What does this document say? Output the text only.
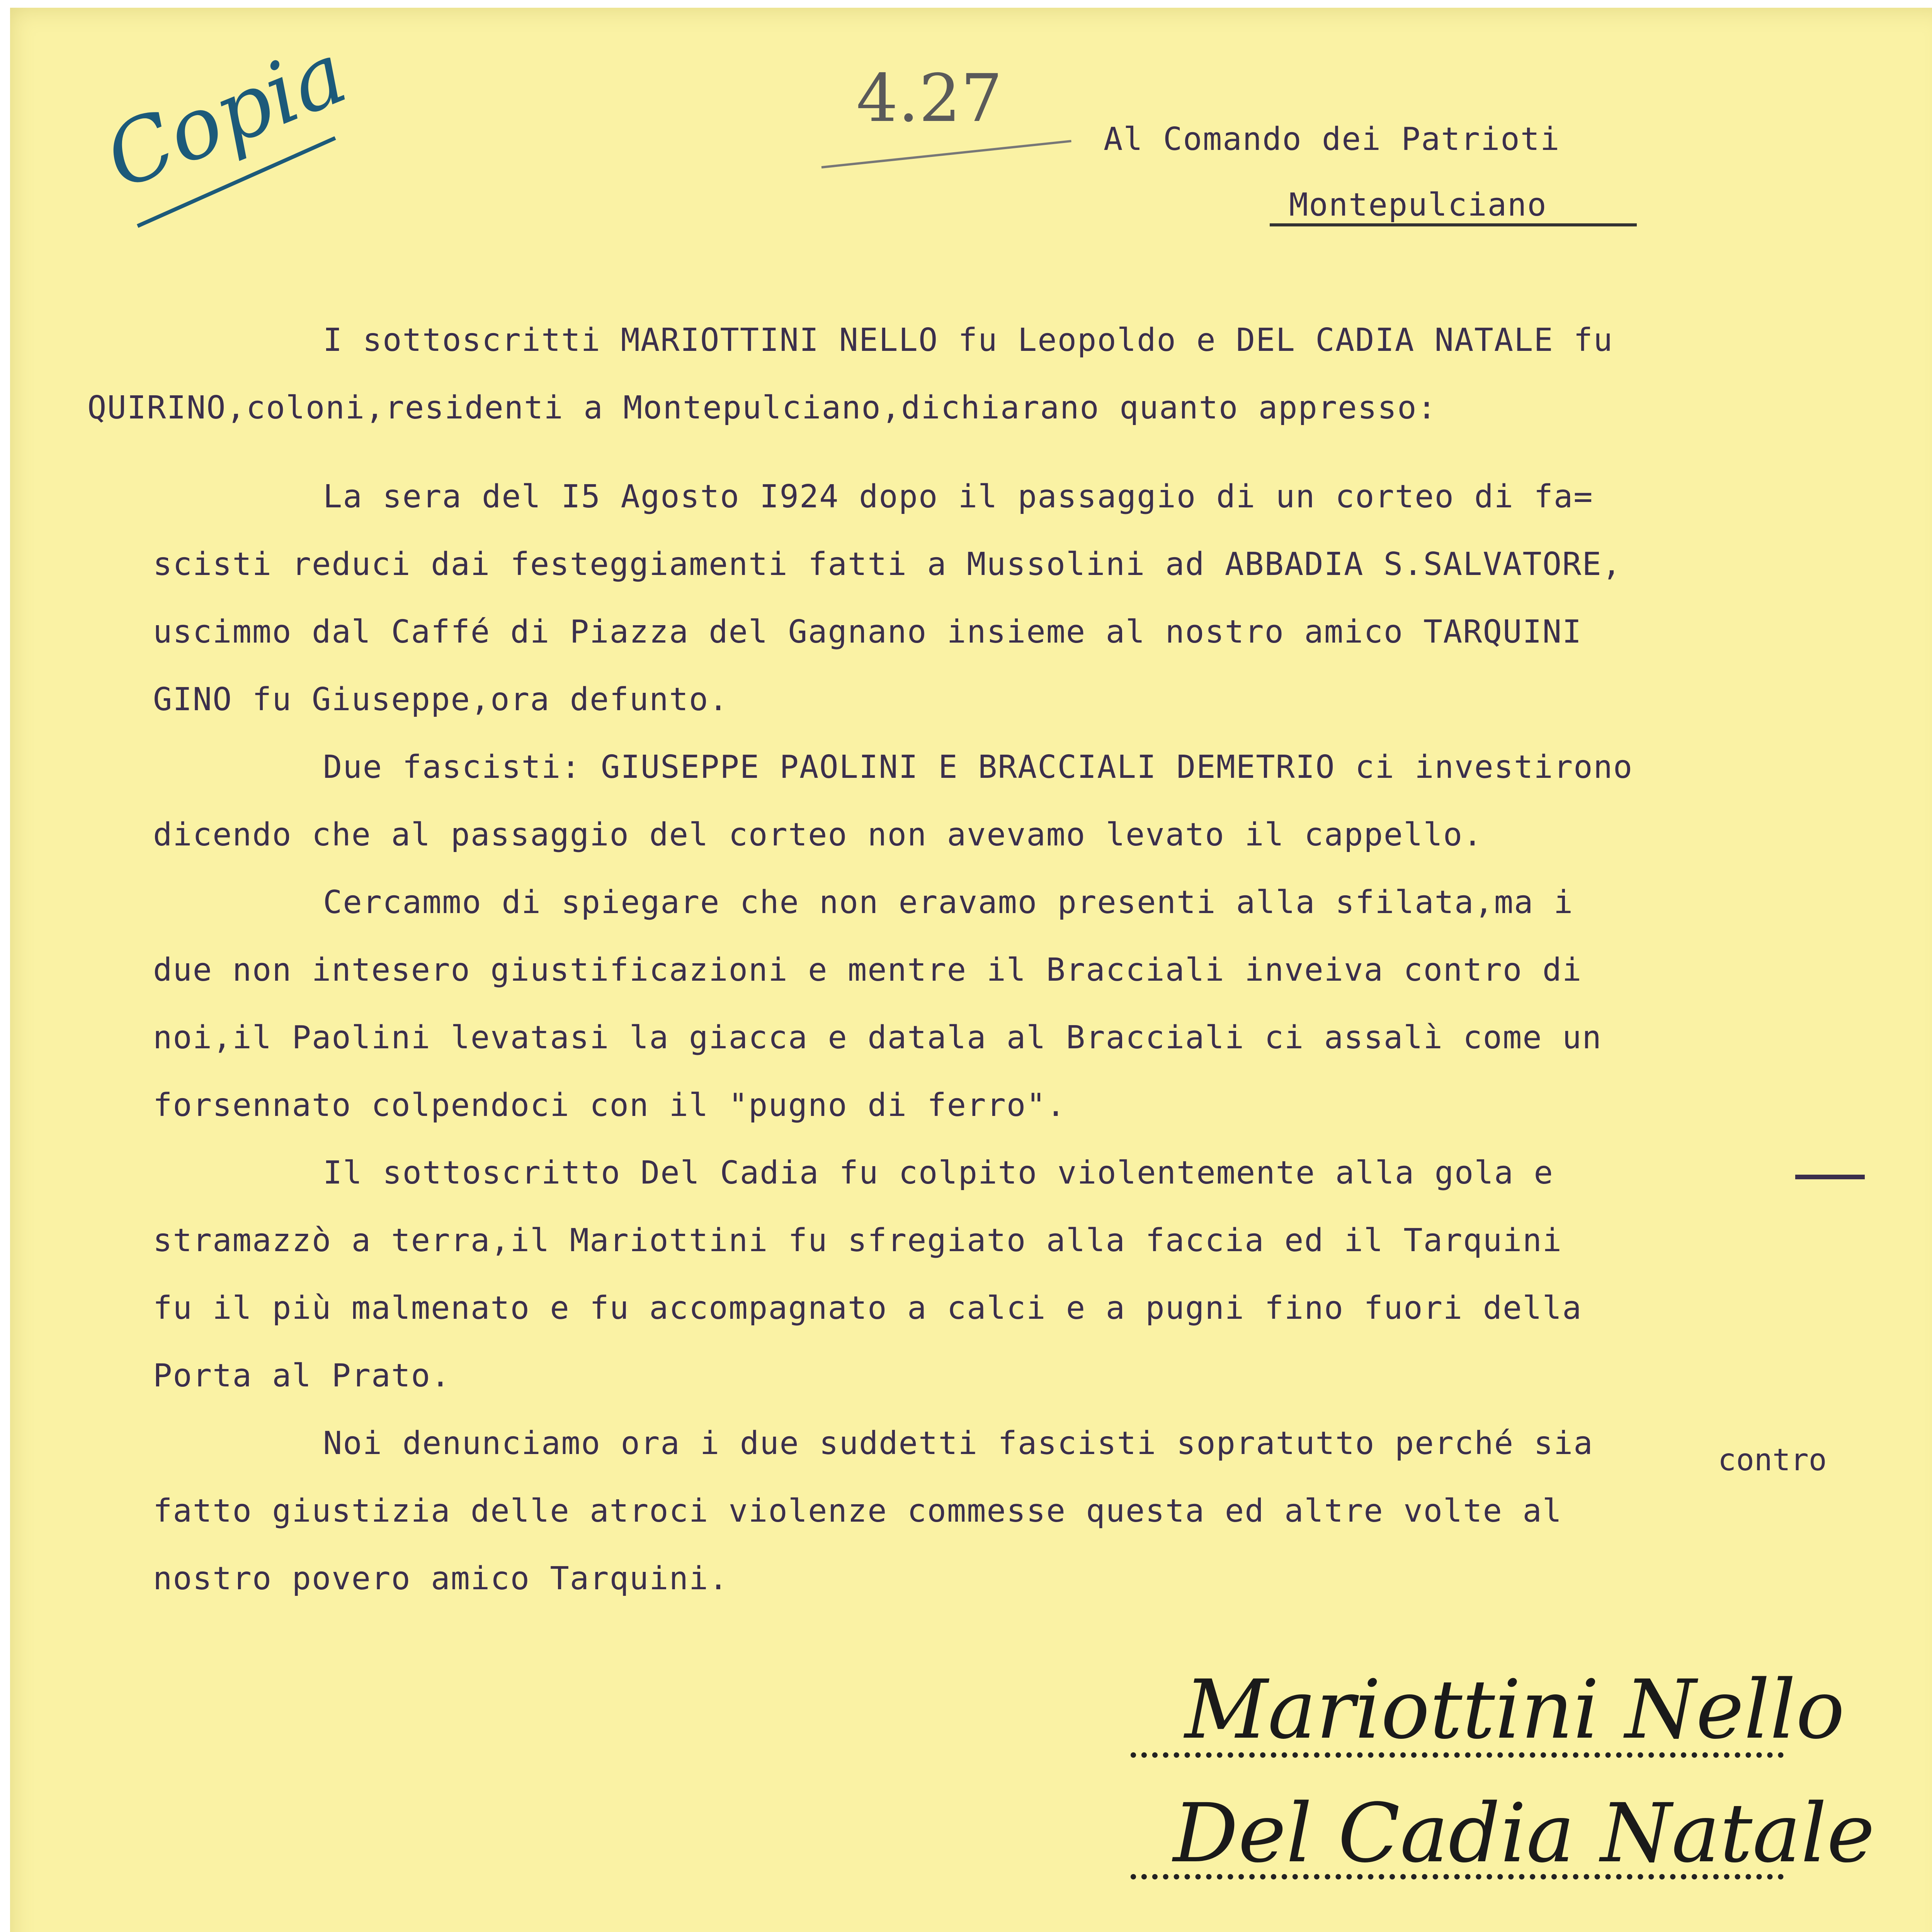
Copia	4.27
Al Comando dei Patrioti
Montepulciano
I sottoscritti MARIOTTINI NELLO fu Leopoldo e DEL CADIA NATALE fu
QUIRINO,coloni,residenti a Montepulciano,dichiarano quanto appresso:
La sera del I5 Agosto I924 dopo il passaggio di un corteo di fa=
scisti reduci dai festeggiamenti fatti a Mussolini ad ABBADIA S.SALVATORE,
uscimmo dal Caffé di Piazza del Gagnano insieme al nostro amico TARQUINI
GINO fu Giuseppe,ora defunto.
Due fascisti: GIUSEPPE PAOLINI E BRACCIALI DEMETRIO ci investirono
dicendo che al passaggio del corteo non avevamo levato il cappello.
Cercammo di spiegare che non eravamo presenti alla sfilata,ma i
due non intesero giustificazioni e mentre il Bracciali inveiva contro di
noi,il Paolini levatasi la giacca e datala al Bracciali ci assalì come un
forsennato colpendoci con il "pugno di ferro".
Il sottoscritto Del Cadia fu colpito violentemente alla gola e
stramazzò a terra,il Mariottini fu sfregiato alla faccia ed il Tarquini
fu il più malmenato e fu accompagnato a calci e a pugni fino fuori della
Porta al Prato.
Noi denunciamo ora i due suddetti fascisti sopratutto perché sia	contro
fatto giustizia delle atroci violenze commesse questa ed altre volte al
nostro povero amico Tarquini.
Mariottini Nello
Del Cadia Natale
